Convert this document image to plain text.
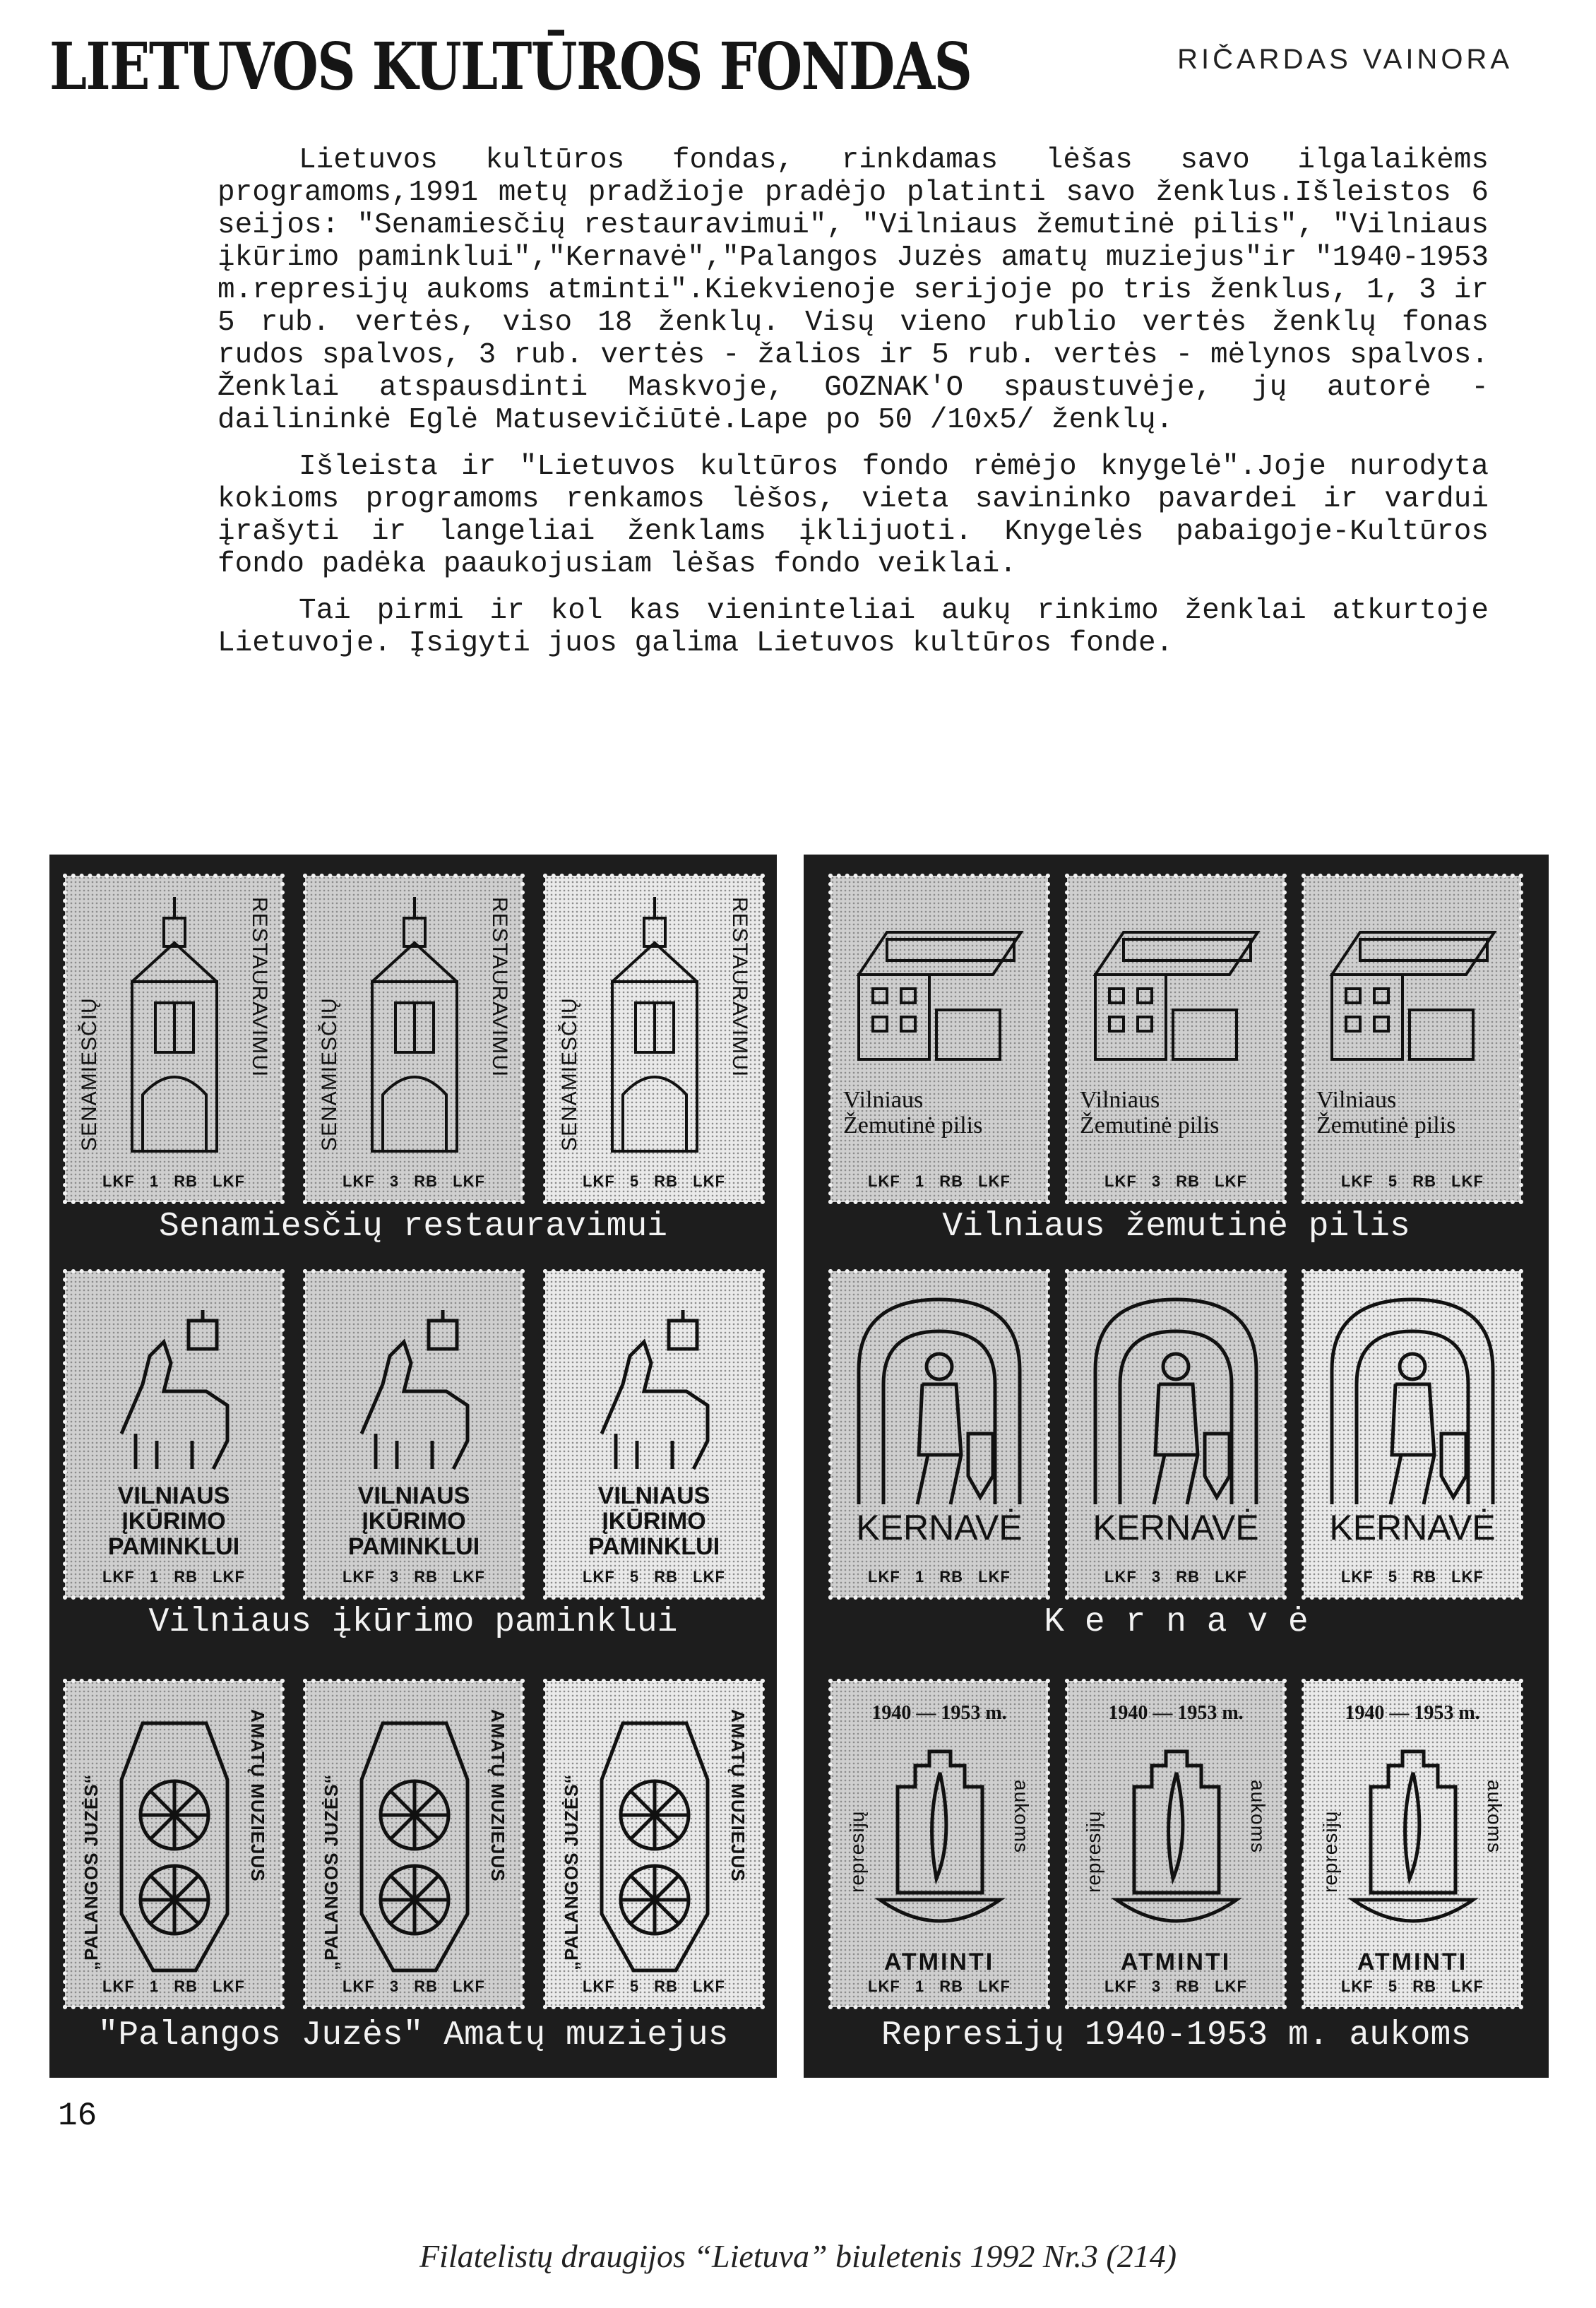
LIETUVOS KULTŪROS FONDAS	RIČARDAS VAINORA

Lietuvos kultūros fondas, rinkdamas lėšas savo ilgalaikėms programoms,1991 metų pradžioje pradėjo platinti savo ženklus.Išleistos 6 seijos: "Senamiesčių restauravimui", "Vilniaus žemutinė pilis", "Vilniaus įkūrimo paminklui","Kernavė","Palangos Juzės amatų muziejus"ir "1940-1953 m.represijų aukoms atminti".Kiekvienoje serijoje po tris ženklus, 1, 3 ir 5 rub. vertės, viso 18 ženklų. Visų vieno rublio vertės ženklų fonas rudos spalvos, 3 rub. vertės - žalios ir 5 rub. vertės - mėlynos spalvos. Ženklai atspausdinti Maskvoje, GOZNAK'O spaustuvėje, jų autorė - dailininkė Eglė Matusevičiūtė.Lape po 50 /10x5/ ženklų.

Išleista ir "Lietuvos kultūros fondo rėmėjo knygelė".Joje nurodyta kokioms programoms renkamos lėšos, vieta savininko pavardei ir vardui įrašyti ir langeliai ženklams įklijuoti. Knygelės pabaigoje-Kultūros fondo padėka paaukojusiam lėšas fondo veiklai.

Tai pirmi ir kol kas vieninteliai aukų rinkimo ženklai atkurtoje Lietuvoje. Įsigyti juos galima Lietuvos kultūros fonde.

SENAMIESČIŲ	RESTAURAVIMUI
LKF 1 RB LKF
SENAMIESČIŲ	RESTAURAVIMUI
LKF 3 RB LKF
SENAMIESČIŲ	RESTAURAVIMUI
LKF 5 RB LKF
Senamiesčių restauravimui
VILNIAUS
ĮKŪRIMO
PAMINKLUI
LKF 1 RB LKF
VILNIAUS
ĮKŪRIMO
PAMINKLUI
LKF 3 RB LKF
VILNIAUS
ĮKŪRIMO
PAMINKLUI
LKF 5 RB LKF
Vilniaus įkūrimo paminklui
„PALANGOS JUZĖS“	AMATŲ MUZIEJUS
LKF 1 RB LKF
„PALANGOS JUZĖS“	AMATŲ MUZIEJUS
LKF 3 RB LKF
„PALANGOS JUZĖS“	AMATŲ MUZIEJUS
LKF 5 RB LKF
"Palangos Juzės" Amatų muziejus
Vilniaus
Žemutinė pilis
LKF 1 RB LKF
Vilniaus
Žemutinė pilis
LKF 3 RB LKF
Vilniaus
Žemutinė pilis
LKF 5 RB LKF
Vilniaus žemutinė pilis
KERNAVĖ
LKF 1 RB LKF
KERNAVĖ
LKF 3 RB LKF
KERNAVĖ
LKF 5 RB LKF
K e r n a v ė
1940 — 1953 m.
represijų	aukoms
ATMINTI
LKF 1 RB LKF
1940 — 1953 m.
represijų	aukoms
ATMINTI
LKF 3 RB LKF
1940 — 1953 m.
represijų	aukoms
ATMINTI
LKF 5 RB LKF
Represijų 1940-1953 m. aukoms
16
Filatelistų draugijos “Lietuva” biuletenis 1992 Nr.3 (214)
